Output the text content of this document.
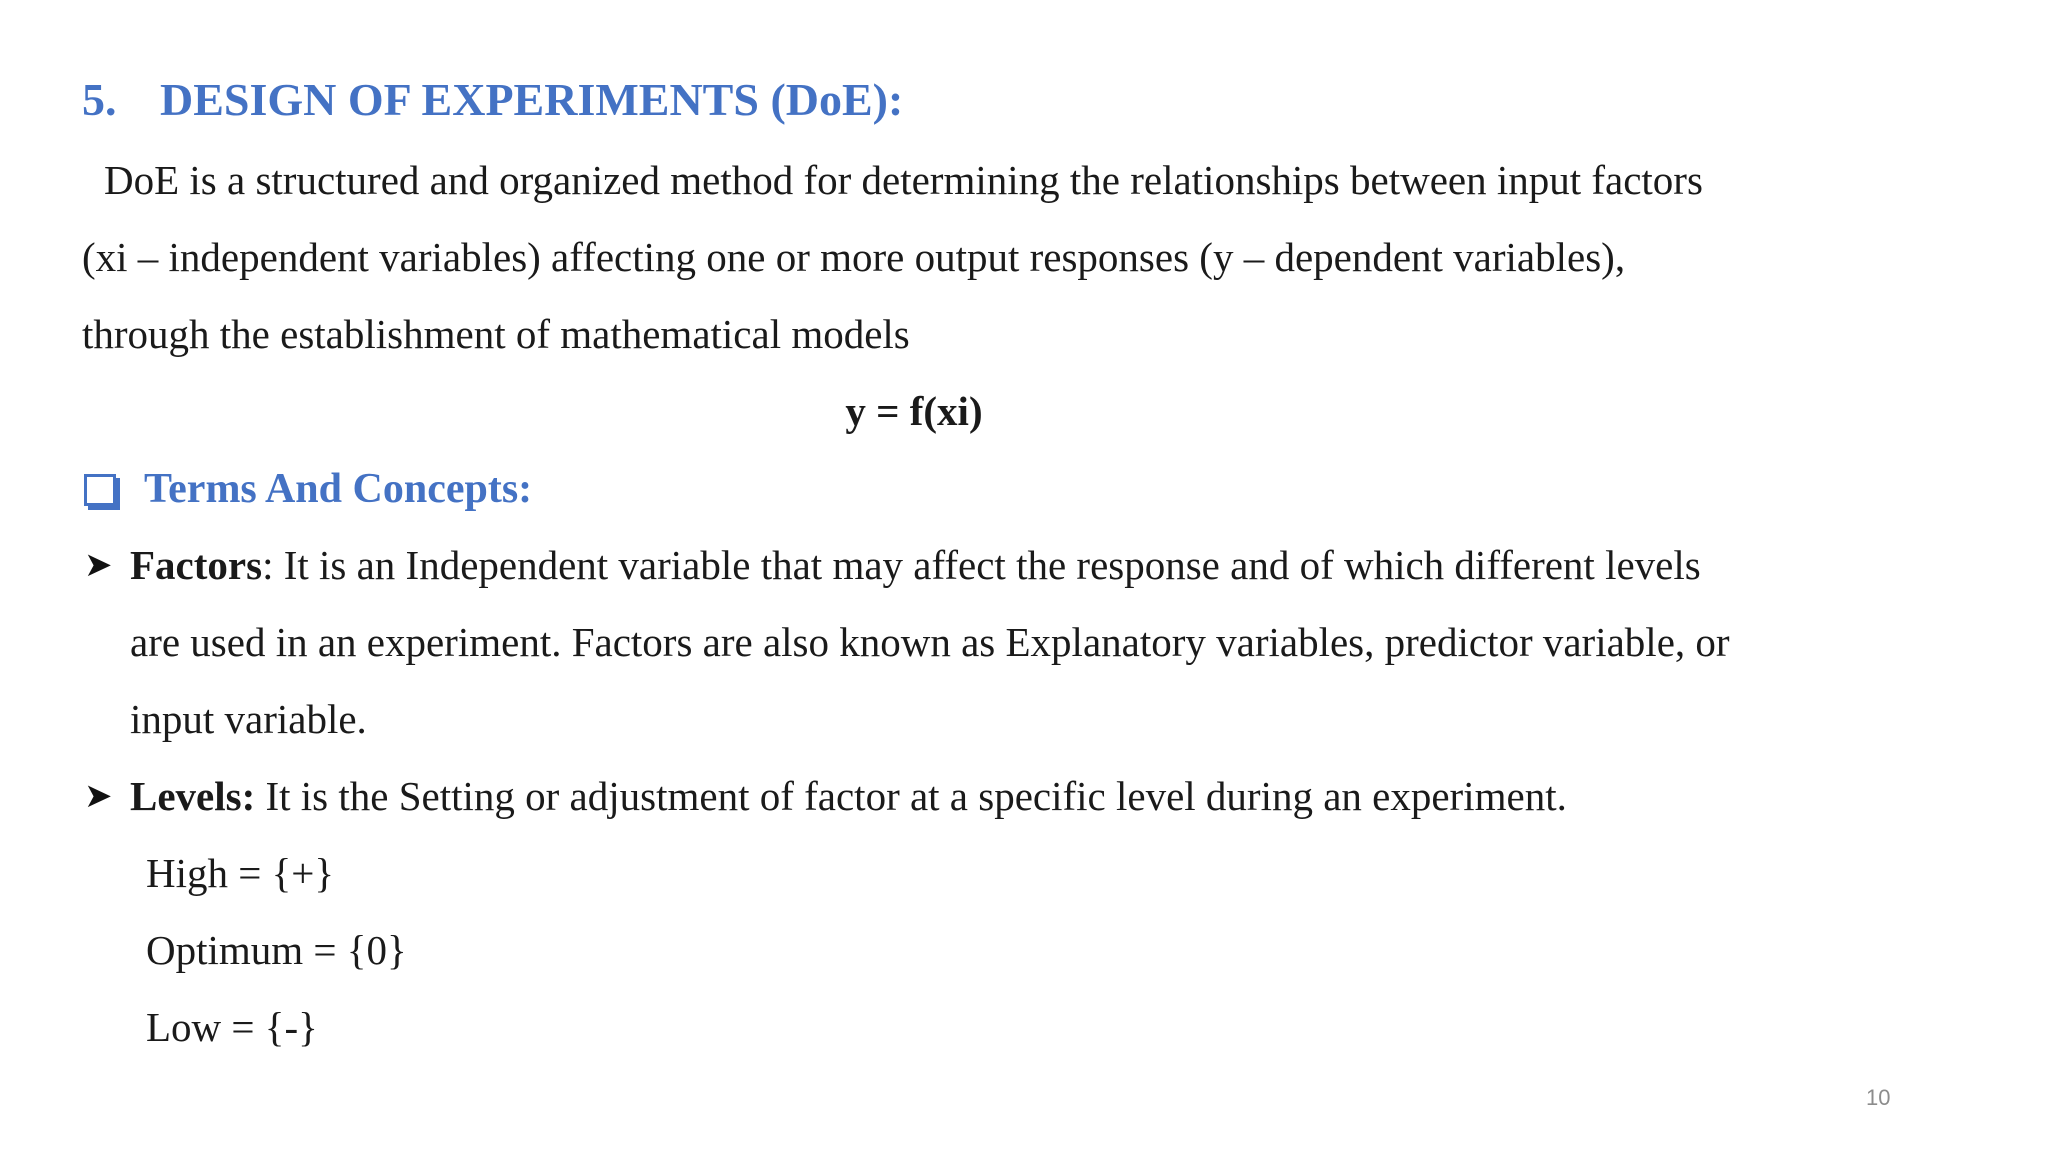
5. DESIGN OF EXPERIMENTS (DoE):
DoE is a structured and organized method for determining the relationships between input factors
(xi – independent variables) affecting one or more output responses (y – dependent variables),
through the establishment of mathematical models
y = f(xi)
Terms And Concepts:
➤ Factors: It is an Independent variable that may affect the response and of which different levels
are used in an experiment. Factors are also known as Explanatory variables, predictor variable, or
input variable.
➤ Levels: It is the Setting or adjustment of factor at a specific level during an experiment.
High = {+}
Optimum = {0}
Low = {-}
10
